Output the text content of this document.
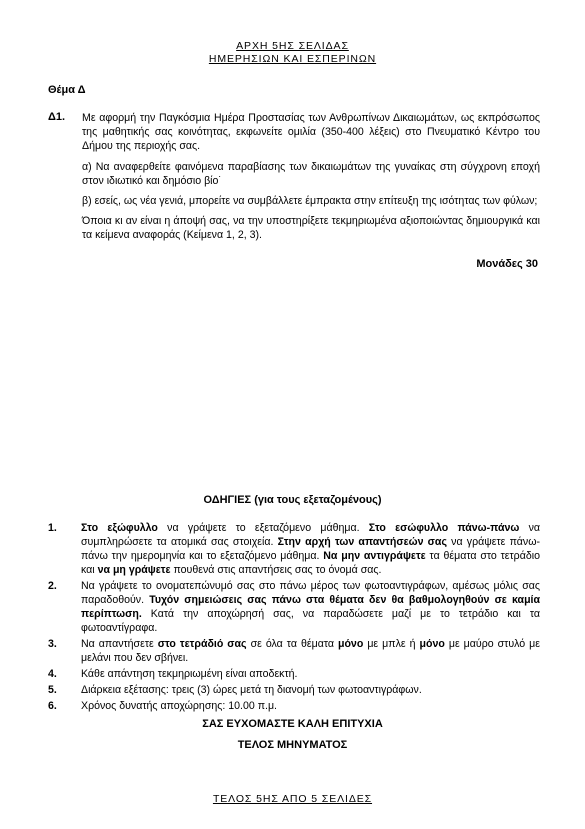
ΑΡΧΗ 5ΗΣ ΣΕΛΙΔΑΣ
ΗΜΕΡΗΣΙΩΝ ΚΑΙ ΕΣΠΕΡΙΝΩΝ
Θέμα Δ
Δ1. Με αφορμή την Παγκόσμια Ημέρα Προστασίας των Ανθρωπίνων Δικαιωμάτων, ως εκπρόσωπος της μαθητικής σας κοινότητας, εκφωνείτε ομιλία (350-400 λέξεις) στο Πνευματικό Κέντρο του Δήμου της περιοχής σας.

α) Να αναφερθείτε φαινόμενα παραβίασης των δικαιωμάτων της γυναίκας στη σύγχρονη εποχή στον ιδιωτικό και δημόσιο βίο˙

β) εσείς, ως νέα γενιά, μπορείτε να συμβάλλετε έμπρακτα στην επίτευξη της ισότητας των φύλων;

Όποια κι αν είναι η άποψή σας, να την υποστηρίξετε τεκμηριωμένα αξιοποιώντας δημιουργικά και τα κείμενα αναφοράς (Κείμενα 1, 2, 3).

Μονάδες 30
ΟΔΗΓΙΕΣ (για τους εξεταζομένους)
1.	Στο εξώφυλλο να γράψετε το εξεταζόμενο μάθημα. Στο εσώφυλλο πάνω-πάνω να συμπληρώσετε τα ατομικά σας στοιχεία. Στην αρχή των απαντήσεών σας να γράψετε πάνω-πάνω την ημερομηνία και το εξεταζόμενο μάθημα. Να μην αντιγράψετε τα θέματα στο τετράδιο και να μη γράψετε πουθενά στις απαντήσεις σας το όνομά σας.
2.	Να γράψετε το ονοματεπώνυμό σας στο πάνω μέρος των φωτοαντιγράφων, αμέσως μόλις σας παραδοθούν. Τυχόν σημειώσεις σας πάνω στα θέματα δεν θα βαθμολογηθούν σε καμία περίπτωση. Κατά την αποχώρησή σας, να παραδώσετε μαζί με το τετράδιο και τα φωτοαντίγραφα.
3.	Να απαντήσετε στο τετράδιό σας σε όλα τα θέματα μόνο με μπλε ή μόνο με μαύρο στυλό με μελάνι που δεν σβήνει.
4.	Κάθε απάντηση τεκμηριωμένη είναι αποδεκτή.
5.	Διάρκεια εξέτασης: τρεις (3) ώρες μετά τη διανομή των φωτοαντιγράφων.
6.	Χρόνος δυνατής αποχώρησης: 10.00 π.μ.
ΣΑΣ ΕΥΧΟΜΑΣΤΕ ΚΑΛΗ ΕΠΙΤΥΧΙΑ
ΤΕΛΟΣ ΜΗΝΥΜΑΤΟΣ
ΤΕΛΟΣ 5ΗΣ ΑΠΟ 5 ΣΕΛΙΔΕΣ
